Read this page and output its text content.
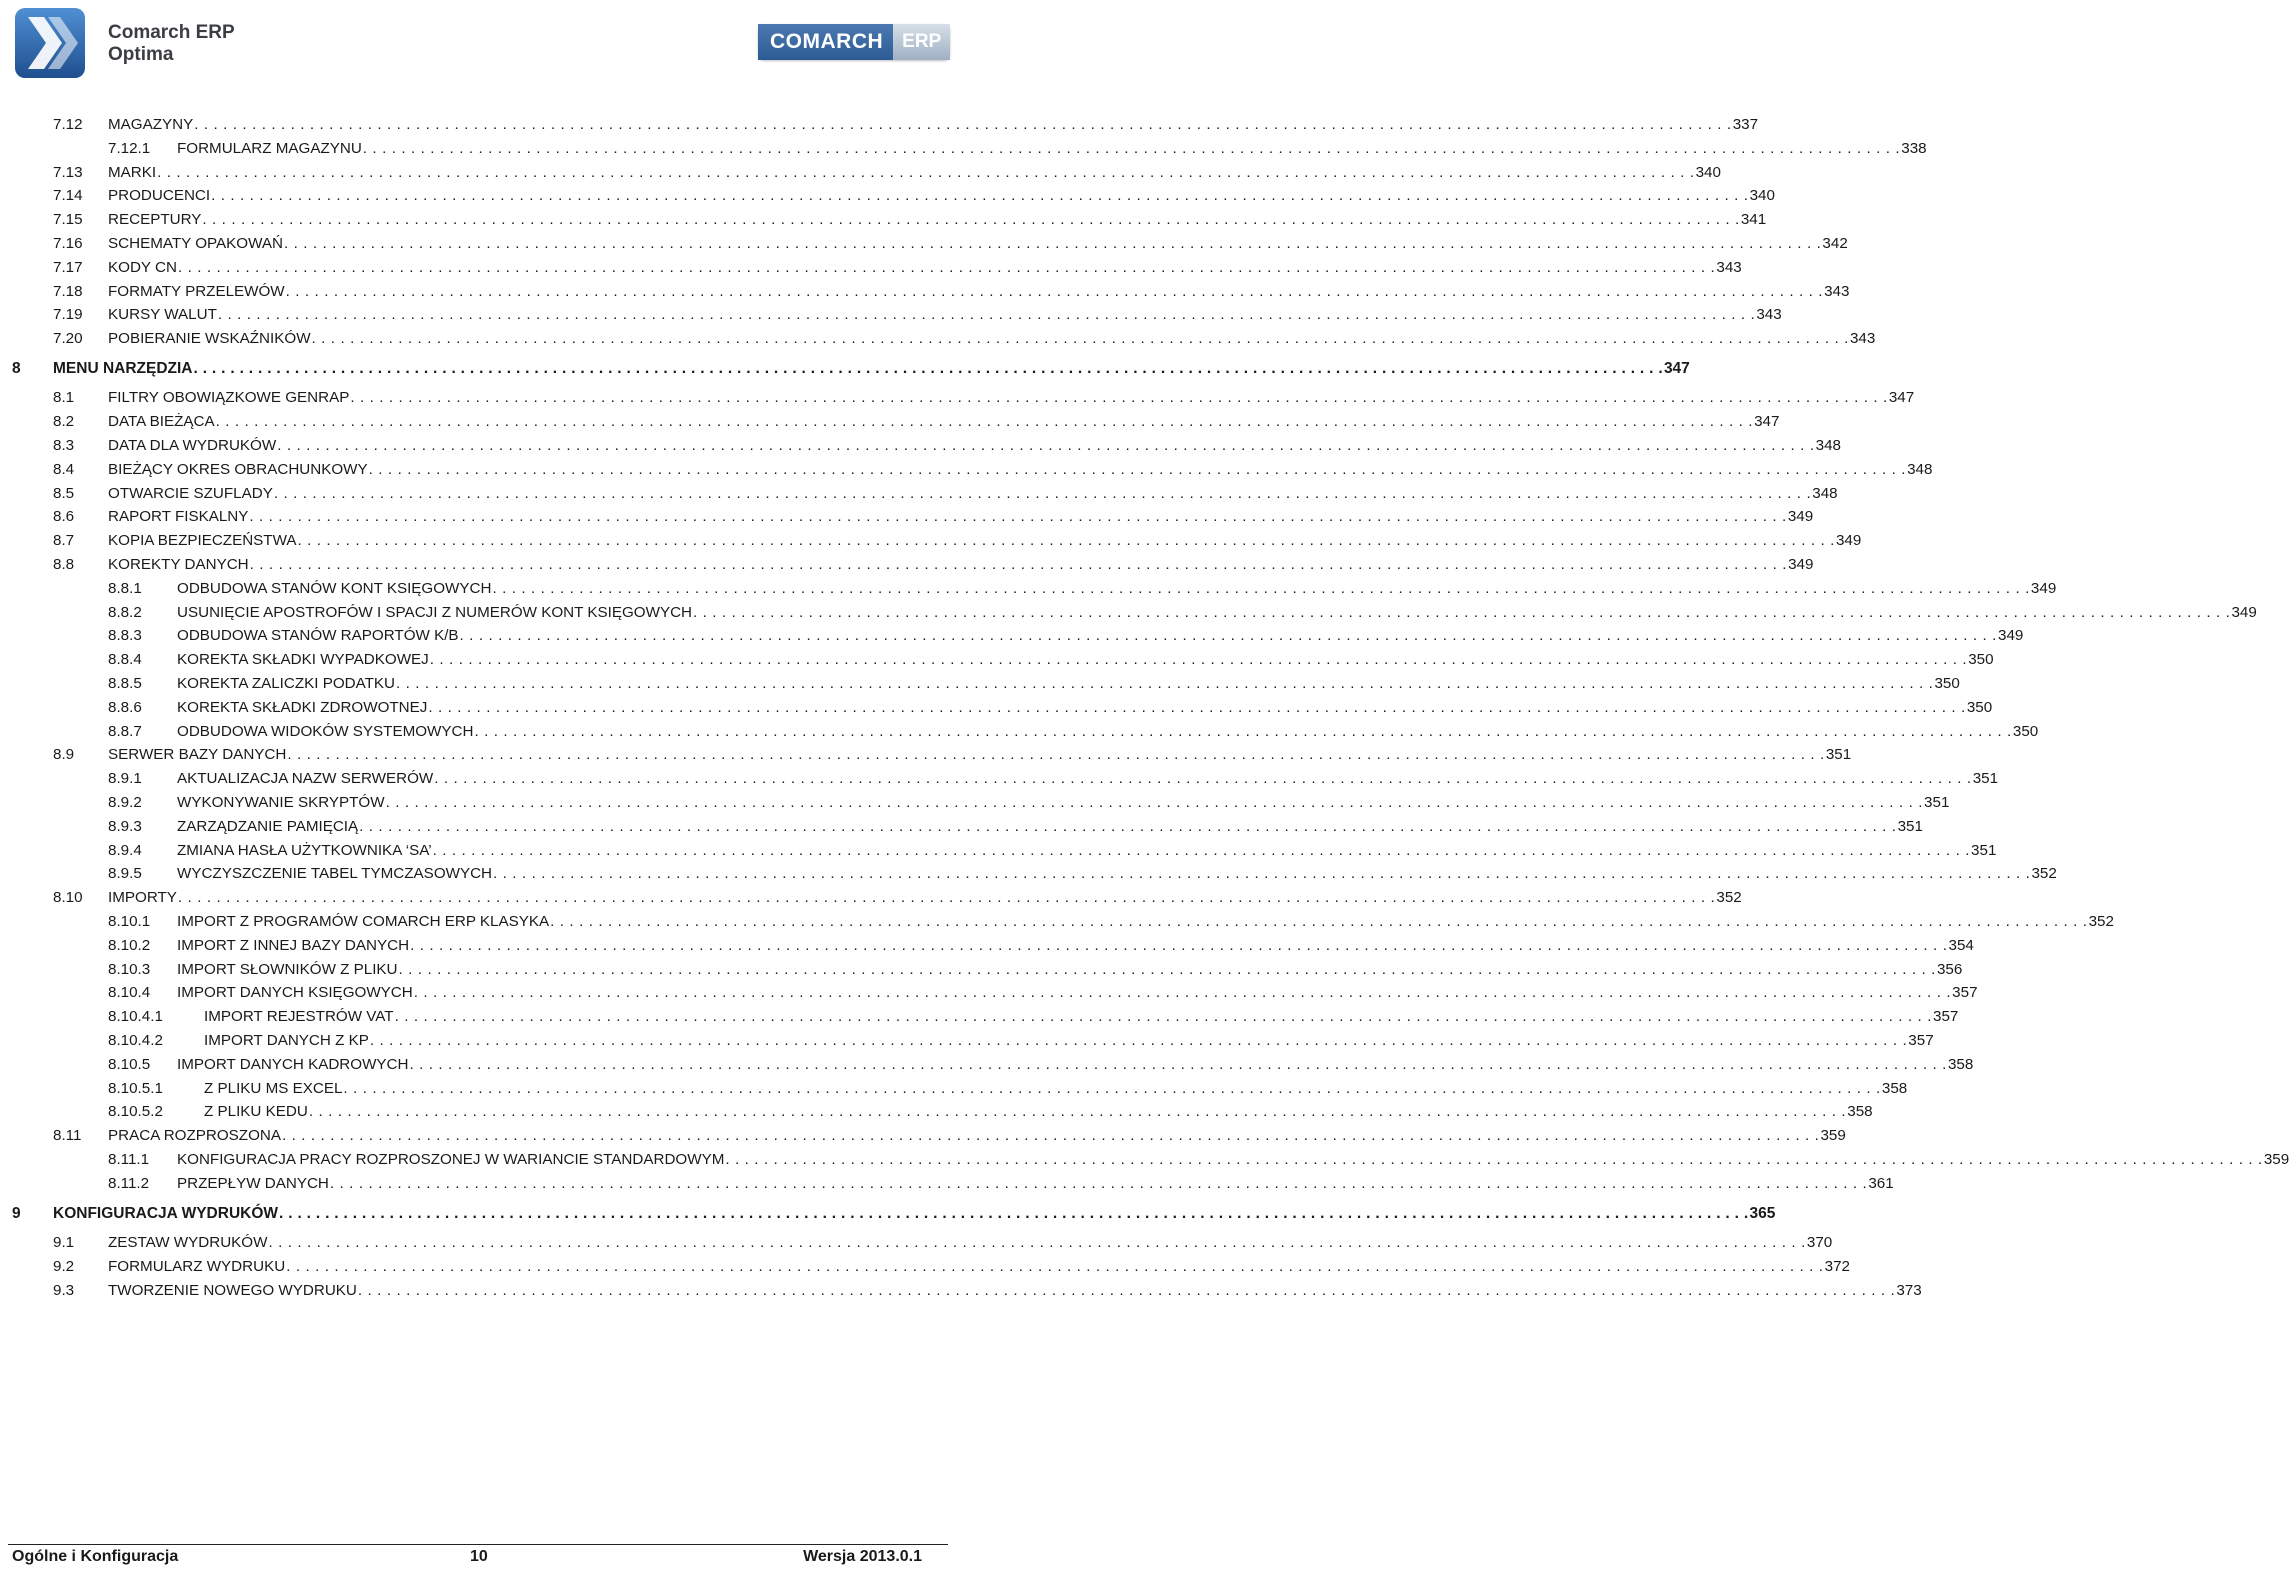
Comarch ERP
Optima
COMARCH	ERP
7.12 MAGAZYNY . . . . . . . . . . . . . . . . . . . . . . . . . . . . . . . . . . . . . . . . . . . . . . . . . . . . . . . . . . . . . . . . . . . . . . . . . . . . . . . . . . . . . . . . . . . . . . . . . . . . . . . . . . . . . . . . . . . . . . . . . . . . . . . . . . . . . . . . . . . . . . . . . . . . . . . . . . . . . . . . 337
7.12.1 FORMULARZ MAGAZYNU . . . . . . . . . . . . . . . . . . . . . . . . . . . . . . . . . . . . . . . . . . . . . . . . . . . . . . . . . . . . . . . . . . . . . . . . . . . . . . . . . . . . . . . . . . . . . . . . . . . . . . . . . . . . . . . . . . . . . . . . . . . . . . . . . . . . . . . . . . . . . . . . . . . . . . . . . . . . . . . . 338
7.13 MARKI . . . . . . . . . . . . . . . . . . . . . . . . . . . . . . . . . . . . . . . . . . . . . . . . . . . . . . . . . . . . . . . . . . . . . . . . . . . . . . . . . . . . . . . . . . . . . . . . . . . . . . . . . . . . . . . . . . . . . . . . . . . . . . . . . . . . . . . . . . . . . . . . . . . . . . . . . . . . . . . . 340
7.14 PRODUCENCI . . . . . . . . . . . . . . . . . . . . . . . . . . . . . . . . . . . . . . . . . . . . . . . . . . . . . . . . . . . . . . . . . . . . . . . . . . . . . . . . . . . . . . . . . . . . . . . . . . . . . . . . . . . . . . . . . . . . . . . . . . . . . . . . . . . . . . . . . . . . . . . . . . . . . . . . . . . . . . . . 340
7.15 RECEPTURY . . . . . . . . . . . . . . . . . . . . . . . . . . . . . . . . . . . . . . . . . . . . . . . . . . . . . . . . . . . . . . . . . . . . . . . . . . . . . . . . . . . . . . . . . . . . . . . . . . . . . . . . . . . . . . . . . . . . . . . . . . . . . . . . . . . . . . . . . . . . . . . . . . . . . . . . . . . . . . . . 341
7.16 SCHEMATY OPAKOWAŃ . . . . . . . . . . . . . . . . . . . . . . . . . . . . . . . . . . . . . . . . . . . . . . . . . . . . . . . . . . . . . . . . . . . . . . . . . . . . . . . . . . . . . . . . . . . . . . . . . . . . . . . . . . . . . . . . . . . . . . . . . . . . . . . . . . . . . . . . . . . . . . . . . . . . . . . . . . . . . . . . 342
7.17 KODY CN . . . . . . . . . . . . . . . . . . . . . . . . . . . . . . . . . . . . . . . . . . . . . . . . . . . . . . . . . . . . . . . . . . . . . . . . . . . . . . . . . . . . . . . . . . . . . . . . . . . . . . . . . . . . . . . . . . . . . . . . . . . . . . . . . . . . . . . . . . . . . . . . . . . . . . . . . . . . . . . . 343
7.18 FORMATY PRZELEWÓW . . . . . . . . . . . . . . . . . . . . . . . . . . . . . . . . . . . . . . . . . . . . . . . . . . . . . . . . . . . . . . . . . . . . . . . . . . . . . . . . . . . . . . . . . . . . . . . . . . . . . . . . . . . . . . . . . . . . . . . . . . . . . . . . . . . . . . . . . . . . . . . . . . . . . . . . . . . . . . . . 343
7.19 KURSY WALUT . . . . . . . . . . . . . . . . . . . . . . . . . . . . . . . . . . . . . . . . . . . . . . . . . . . . . . . . . . . . . . . . . . . . . . . . . . . . . . . . . . . . . . . . . . . . . . . . . . . . . . . . . . . . . . . . . . . . . . . . . . . . . . . . . . . . . . . . . . . . . . . . . . . . . . . . . . . . . . . . 343
7.20 POBIERANIE WSKAŹNIKÓW . . . . . . . . . . . . . . . . . . . . . . . . . . . . . . . . . . . . . . . . . . . . . . . . . . . . . . . . . . . . . . . . . . . . . . . . . . . . . . . . . . . . . . . . . . . . . . . . . . . . . . . . . . . . . . . . . . . . . . . . . . . . . . . . . . . . . . . . . . . . . . . . . . . . . . . . . . . . . . . . 343
8 MENU NARZĘDZIA . . . . . . . . . . . . . . . . . . . . . . . . . . . . . . . . . . . . . . . . . . . . . . . . . . . . . . . . . . . . . . . . . . . . . . . . . . . . . . . . . . . . . . . . . . . . . . . . . . . . . . . . . . . . . . . . . . . . . . . . . . . . . . . . . . . . . . . . . . . . . . . . . . . . . . . . . . . . . . . . 347
8.1 FILTRY OBOWIĄZKOWE GENRAP . . . . . . . . . . . . . . . . . . . . . . . . . . . . . . . . . . . . . . . . . . . . . . . . . . . . . . . . . . . . . . . . . . . . . . . . . . . . . . . . . . . . . . . . . . . . . . . . . . . . . . . . . . . . . . . . . . . . . . . . . . . . . . . . . . . . . . . . . . . . . . . . . . . . . . . . . . . . . . . . 347
8.2 DATA BIEŻĄCA . . . . . . . . . . . . . . . . . . . . . . . . . . . . . . . . . . . . . . . . . . . . . . . . . . . . . . . . . . . . . . . . . . . . . . . . . . . . . . . . . . . . . . . . . . . . . . . . . . . . . . . . . . . . . . . . . . . . . . . . . . . . . . . . . . . . . . . . . . . . . . . . . . . . . . . . . . . . . . . . 347
8.3 DATA DLA WYDRUKÓW . . . . . . . . . . . . . . . . . . . . . . . . . . . . . . . . . . . . . . . . . . . . . . . . . . . . . . . . . . . . . . . . . . . . . . . . . . . . . . . . . . . . . . . . . . . . . . . . . . . . . . . . . . . . . . . . . . . . . . . . . . . . . . . . . . . . . . . . . . . . . . . . . . . . . . . . . . . . . . . . 348
8.4 BIEŻĄCY OKRES OBRACHUNKOWY . . . . . . . . . . . . . . . . . . . . . . . . . . . . . . . . . . . . . . . . . . . . . . . . . . . . . . . . . . . . . . . . . . . . . . . . . . . . . . . . . . . . . . . . . . . . . . . . . . . . . . . . . . . . . . . . . . . . . . . . . . . . . . . . . . . . . . . . . . . . . . . . . . . . . . . . . . . . . . . . 348
8.5 OTWARCIE SZUFLADY . . . . . . . . . . . . . . . . . . . . . . . . . . . . . . . . . . . . . . . . . . . . . . . . . . . . . . . . . . . . . . . . . . . . . . . . . . . . . . . . . . . . . . . . . . . . . . . . . . . . . . . . . . . . . . . . . . . . . . . . . . . . . . . . . . . . . . . . . . . . . . . . . . . . . . . . . . . . . . . . 348
8.6 RAPORT FISKALNY . . . . . . . . . . . . . . . . . . . . . . . . . . . . . . . . . . . . . . . . . . . . . . . . . . . . . . . . . . . . . . . . . . . . . . . . . . . . . . . . . . . . . . . . . . . . . . . . . . . . . . . . . . . . . . . . . . . . . . . . . . . . . . . . . . . . . . . . . . . . . . . . . . . . . . . . . . . . . . . . 349
8.7 KOPIA BEZPIECZEŃSTWA . . . . . . . . . . . . . . . . . . . . . . . . . . . . . . . . . . . . . . . . . . . . . . . . . . . . . . . . . . . . . . . . . . . . . . . . . . . . . . . . . . . . . . . . . . . . . . . . . . . . . . . . . . . . . . . . . . . . . . . . . . . . . . . . . . . . . . . . . . . . . . . . . . . . . . . . . . . . . . . . 349
8.8 KOREKTY DANYCH . . . . . . . . . . . . . . . . . . . . . . . . . . . . . . . . . . . . . . . . . . . . . . . . . . . . . . . . . . . . . . . . . . . . . . . . . . . . . . . . . . . . . . . . . . . . . . . . . . . . . . . . . . . . . . . . . . . . . . . . . . . . . . . . . . . . . . . . . . . . . . . . . . . . . . . . . . . . . . . . 349
8.8.1 ODBUDOWA STANÓW KONT KSIĘGOWYCH . . . . . . . . . . . . . . . . . . . . . . . . . . . . . . . . . . . . . . . . . . . . . . . . . . . . . . . . . . . . . . . . . . . . . . . . . . . . . . . . . . . . . . . . . . . . . . . . . . . . . . . . . . . . . . . . . . . . . . . . . . . . . . . . . . . . . . . . . . . . . . . . . . . . . . . . . . . . . . . . 349
8.8.2 USUNIĘCIE APOSTROFÓW I SPACJI Z NUMERÓW KONT KSIĘGOWYCH . . . . . . . . . . . . . . . . . . . . . . . . . . . . . . . . . . . . . . . . . . . . . . . . . . . . . . . . . . . . . . . . . . . . . . . . . . . . . . . . . . . . . . . . . . . . . . . . . . . . . . . . . . . . . . . . . . . . . . . . . . . . . . . . . . . . . . . . . . . . . . . . . . . . . . . . . . . . . . . . 349
8.8.3 ODBUDOWA STANÓW RAPORTÓW K/B . . . . . . . . . . . . . . . . . . . . . . . . . . . . . . . . . . . . . . . . . . . . . . . . . . . . . . . . . . . . . . . . . . . . . . . . . . . . . . . . . . . . . . . . . . . . . . . . . . . . . . . . . . . . . . . . . . . . . . . . . . . . . . . . . . . . . . . . . . . . . . . . . . . . . . . . . . . . . . . . 349
8.8.4 KOREKTA SKŁADKI WYPADKOWEJ . . . . . . . . . . . . . . . . . . . . . . . . . . . . . . . . . . . . . . . . . . . . . . . . . . . . . . . . . . . . . . . . . . . . . . . . . . . . . . . . . . . . . . . . . . . . . . . . . . . . . . . . . . . . . . . . . . . . . . . . . . . . . . . . . . . . . . . . . . . . . . . . . . . . . . . . . . . . . . . . 350
8.8.5 KOREKTA ZALICZKI PODATKU . . . . . . . . . . . . . . . . . . . . . . . . . . . . . . . . . . . . . . . . . . . . . . . . . . . . . . . . . . . . . . . . . . . . . . . . . . . . . . . . . . . . . . . . . . . . . . . . . . . . . . . . . . . . . . . . . . . . . . . . . . . . . . . . . . . . . . . . . . . . . . . . . . . . . . . . . . . . . . . . 350
8.8.6 KOREKTA SKŁADKI ZDROWOTNEJ . . . . . . . . . . . . . . . . . . . . . . . . . . . . . . . . . . . . . . . . . . . . . . . . . . . . . . . . . . . . . . . . . . . . . . . . . . . . . . . . . . . . . . . . . . . . . . . . . . . . . . . . . . . . . . . . . . . . . . . . . . . . . . . . . . . . . . . . . . . . . . . . . . . . . . . . . . . . . . . . 350
8.8.7 ODBUDOWA WIDOKÓW SYSTEMOWYCH . . . . . . . . . . . . . . . . . . . . . . . . . . . . . . . . . . . . . . . . . . . . . . . . . . . . . . . . . . . . . . . . . . . . . . . . . . . . . . . . . . . . . . . . . . . . . . . . . . . . . . . . . . . . . . . . . . . . . . . . . . . . . . . . . . . . . . . . . . . . . . . . . . . . . . . . . . . . . . . . 350
8.9 SERWER BAZY DANYCH . . . . . . . . . . . . . . . . . . . . . . . . . . . . . . . . . . . . . . . . . . . . . . . . . . . . . . . . . . . . . . . . . . . . . . . . . . . . . . . . . . . . . . . . . . . . . . . . . . . . . . . . . . . . . . . . . . . . . . . . . . . . . . . . . . . . . . . . . . . . . . . . . . . . . . . . . . . . . . . . 351
8.9.1 AKTUALIZACJA NAZW SERWERÓW . . . . . . . . . . . . . . . . . . . . . . . . . . . . . . . . . . . . . . . . . . . . . . . . . . . . . . . . . . . . . . . . . . . . . . . . . . . . . . . . . . . . . . . . . . . . . . . . . . . . . . . . . . . . . . . . . . . . . . . . . . . . . . . . . . . . . . . . . . . . . . . . . . . . . . . . . . . . . . . . 351
8.9.2 WYKONYWANIE SKRYPTÓW . . . . . . . . . . . . . . . . . . . . . . . . . . . . . . . . . . . . . . . . . . . . . . . . . . . . . . . . . . . . . . . . . . . . . . . . . . . . . . . . . . . . . . . . . . . . . . . . . . . . . . . . . . . . . . . . . . . . . . . . . . . . . . . . . . . . . . . . . . . . . . . . . . . . . . . . . . . . . . . . 351
8.9.3 ZARZĄDZANIE PAMIĘCIĄ . . . . . . . . . . . . . . . . . . . . . . . . . . . . . . . . . . . . . . . . . . . . . . . . . . . . . . . . . . . . . . . . . . . . . . . . . . . . . . . . . . . . . . . . . . . . . . . . . . . . . . . . . . . . . . . . . . . . . . . . . . . . . . . . . . . . . . . . . . . . . . . . . . . . . . . . . . . . . . . . 351
8.9.4 ZMIANA HASŁA UŻYTKOWNIKA ‘SA’ . . . . . . . . . . . . . . . . . . . . . . . . . . . . . . . . . . . . . . . . . . . . . . . . . . . . . . . . . . . . . . . . . . . . . . . . . . . . . . . . . . . . . . . . . . . . . . . . . . . . . . . . . . . . . . . . . . . . . . . . . . . . . . . . . . . . . . . . . . . . . . . . . . . . . . . . . . . . . . . . 351
8.9.5 WYCZYSZCZENIE TABEL TYMCZASOWYCH . . . . . . . . . . . . . . . . . . . . . . . . . . . . . . . . . . . . . . . . . . . . . . . . . . . . . . . . . . . . . . . . . . . . . . . . . . . . . . . . . . . . . . . . . . . . . . . . . . . . . . . . . . . . . . . . . . . . . . . . . . . . . . . . . . . . . . . . . . . . . . . . . . . . . . . . . . . . . . . . 352
8.10 IMPORTY . . . . . . . . . . . . . . . . . . . . . . . . . . . . . . . . . . . . . . . . . . . . . . . . . . . . . . . . . . . . . . . . . . . . . . . . . . . . . . . . . . . . . . . . . . . . . . . . . . . . . . . . . . . . . . . . . . . . . . . . . . . . . . . . . . . . . . . . . . . . . . . . . . . . . . . . . . . . . . . . 352
8.10.1 IMPORT Z PROGRAMÓW COMARCH ERP KLASYKA . . . . . . . . . . . . . . . . . . . . . . . . . . . . . . . . . . . . . . . . . . . . . . . . . . . . . . . . . . . . . . . . . . . . . . . . . . . . . . . . . . . . . . . . . . . . . . . . . . . . . . . . . . . . . . . . . . . . . . . . . . . . . . . . . . . . . . . . . . . . . . . . . . . . . . . . . . . . . . . . 352
8.10.2 IMPORT Z INNEJ BAZY DANYCH . . . . . . . . . . . . . . . . . . . . . . . . . . . . . . . . . . . . . . . . . . . . . . . . . . . . . . . . . . . . . . . . . . . . . . . . . . . . . . . . . . . . . . . . . . . . . . . . . . . . . . . . . . . . . . . . . . . . . . . . . . . . . . . . . . . . . . . . . . . . . . . . . . . . . . . . . . . . . . . . 354
8.10.3 IMPORT SŁOWNIKÓW Z PLIKU . . . . . . . . . . . . . . . . . . . . . . . . . . . . . . . . . . . . . . . . . . . . . . . . . . . . . . . . . . . . . . . . . . . . . . . . . . . . . . . . . . . . . . . . . . . . . . . . . . . . . . . . . . . . . . . . . . . . . . . . . . . . . . . . . . . . . . . . . . . . . . . . . . . . . . . . . . . . . . . . 356
8.10.4 IMPORT DANYCH KSIĘGOWYCH . . . . . . . . . . . . . . . . . . . . . . . . . . . . . . . . . . . . . . . . . . . . . . . . . . . . . . . . . . . . . . . . . . . . . . . . . . . . . . . . . . . . . . . . . . . . . . . . . . . . . . . . . . . . . . . . . . . . . . . . . . . . . . . . . . . . . . . . . . . . . . . . . . . . . . . . . . . . . . . . 357
8.10.4.1	IMPORT REJESTRÓW VAT . . . . . . . . . . . . . . . . . . . . . . . . . . . . . . . . . . . . . . . . . . . . . . . . . . . . . . . . . . . . . . . . . . . . . . . . . . . . . . . . . . . . . . . . . . . . . . . . . . . . . . . . . . . . . . . . . . . . . . . . . . . . . . . . . . . . . . . . . . . . . . . . . . . . . . . . . . . . . . . . 357
8.10.4.2	IMPORT DANYCH Z KP . . . . . . . . . . . . . . . . . . . . . . . . . . . . . . . . . . . . . . . . . . . . . . . . . . . . . . . . . . . . . . . . . . . . . . . . . . . . . . . . . . . . . . . . . . . . . . . . . . . . . . . . . . . . . . . . . . . . . . . . . . . . . . . . . . . . . . . . . . . . . . . . . . . . . . . . . . . . . . . . 357
8.10.5 IMPORT DANYCH KADROWYCH . . . . . . . . . . . . . . . . . . . . . . . . . . . . . . . . . . . . . . . . . . . . . . . . . . . . . . . . . . . . . . . . . . . . . . . . . . . . . . . . . . . . . . . . . . . . . . . . . . . . . . . . . . . . . . . . . . . . . . . . . . . . . . . . . . . . . . . . . . . . . . . . . . . . . . . . . . . . . . . . 358
8.10.5.1	Z PLIKU MS EXCEL . . . . . . . . . . . . . . . . . . . . . . . . . . . . . . . . . . . . . . . . . . . . . . . . . . . . . . . . . . . . . . . . . . . . . . . . . . . . . . . . . . . . . . . . . . . . . . . . . . . . . . . . . . . . . . . . . . . . . . . . . . . . . . . . . . . . . . . . . . . . . . . . . . . . . . . . . . . . . . . . 358
8.10.5.2	Z PLIKU KEDU . . . . . . . . . . . . . . . . . . . . . . . . . . . . . . . . . . . . . . . . . . . . . . . . . . . . . . . . . . . . . . . . . . . . . . . . . . . . . . . . . . . . . . . . . . . . . . . . . . . . . . . . . . . . . . . . . . . . . . . . . . . . . . . . . . . . . . . . . . . . . . . . . . . . . . . . . . . . . . . . 358
8.11 PRACA ROZPROSZONA . . . . . . . . . . . . . . . . . . . . . . . . . . . . . . . . . . . . . . . . . . . . . . . . . . . . . . . . . . . . . . . . . . . . . . . . . . . . . . . . . . . . . . . . . . . . . . . . . . . . . . . . . . . . . . . . . . . . . . . . . . . . . . . . . . . . . . . . . . . . . . . . . . . . . . . . . . . . . . . . 359
8.11.1 KONFIGURACJA PRACY ROZPROSZONEJ W WARIANCIE STANDARDOWYM . . . . . . . . . . . . . . . . . . . . . . . . . . . . . . . . . . . . . . . . . . . . . . . . . . . . . . . . . . . . . . . . . . . . . . . . . . . . . . . . . . . . . . . . . . . . . . . . . . . . . . . . . . . . . . . . . . . . . . . . . . . . . . . . . . . . . . . . . . . . . . . . . . . . . . . . . . . . . . . . 359
8.11.2 PRZEPŁYW DANYCH . . . . . . . . . . . . . . . . . . . . . . . . . . . . . . . . . . . . . . . . . . . . . . . . . . . . . . . . . . . . . . . . . . . . . . . . . . . . . . . . . . . . . . . . . . . . . . . . . . . . . . . . . . . . . . . . . . . . . . . . . . . . . . . . . . . . . . . . . . . . . . . . . . . . . . . . . . . . . . . . 361
9 KONFIGURACJA WYDRUKÓW . . . . . . . . . . . . . . . . . . . . . . . . . . . . . . . . . . . . . . . . . . . . . . . . . . . . . . . . . . . . . . . . . . . . . . . . . . . . . . . . . . . . . . . . . . . . . . . . . . . . . . . . . . . . . . . . . . . . . . . . . . . . . . . . . . . . . . . . . . . . . . . . . . . . . . . . . . . . . . . . 365
9.1 ZESTAW WYDRUKÓW . . . . . . . . . . . . . . . . . . . . . . . . . . . . . . . . . . . . . . . . . . . . . . . . . . . . . . . . . . . . . . . . . . . . . . . . . . . . . . . . . . . . . . . . . . . . . . . . . . . . . . . . . . . . . . . . . . . . . . . . . . . . . . . . . . . . . . . . . . . . . . . . . . . . . . . . . . . . . . . . 370
9.2 FORMULARZ WYDRUKU . . . . . . . . . . . . . . . . . . . . . . . . . . . . . . . . . . . . . . . . . . . . . . . . . . . . . . . . . . . . . . . . . . . . . . . . . . . . . . . . . . . . . . . . . . . . . . . . . . . . . . . . . . . . . . . . . . . . . . . . . . . . . . . . . . . . . . . . . . . . . . . . . . . . . . . . . . . . . . . . 372
9.3 TWORZENIE NOWEGO WYDRUKU . . . . . . . . . . . . . . . . . . . . . . . . . . . . . . . . . . . . . . . . . . . . . . . . . . . . . . . . . . . . . . . . . . . . . . . . . . . . . . . . . . . . . . . . . . . . . . . . . . . . . . . . . . . . . . . . . . . . . . . . . . . . . . . . . . . . . . . . . . . . . . . . . . . . . . . . . . . . . . . . 373
Ogólne i Konfiguracja	10	Wersja 2013.0.1
